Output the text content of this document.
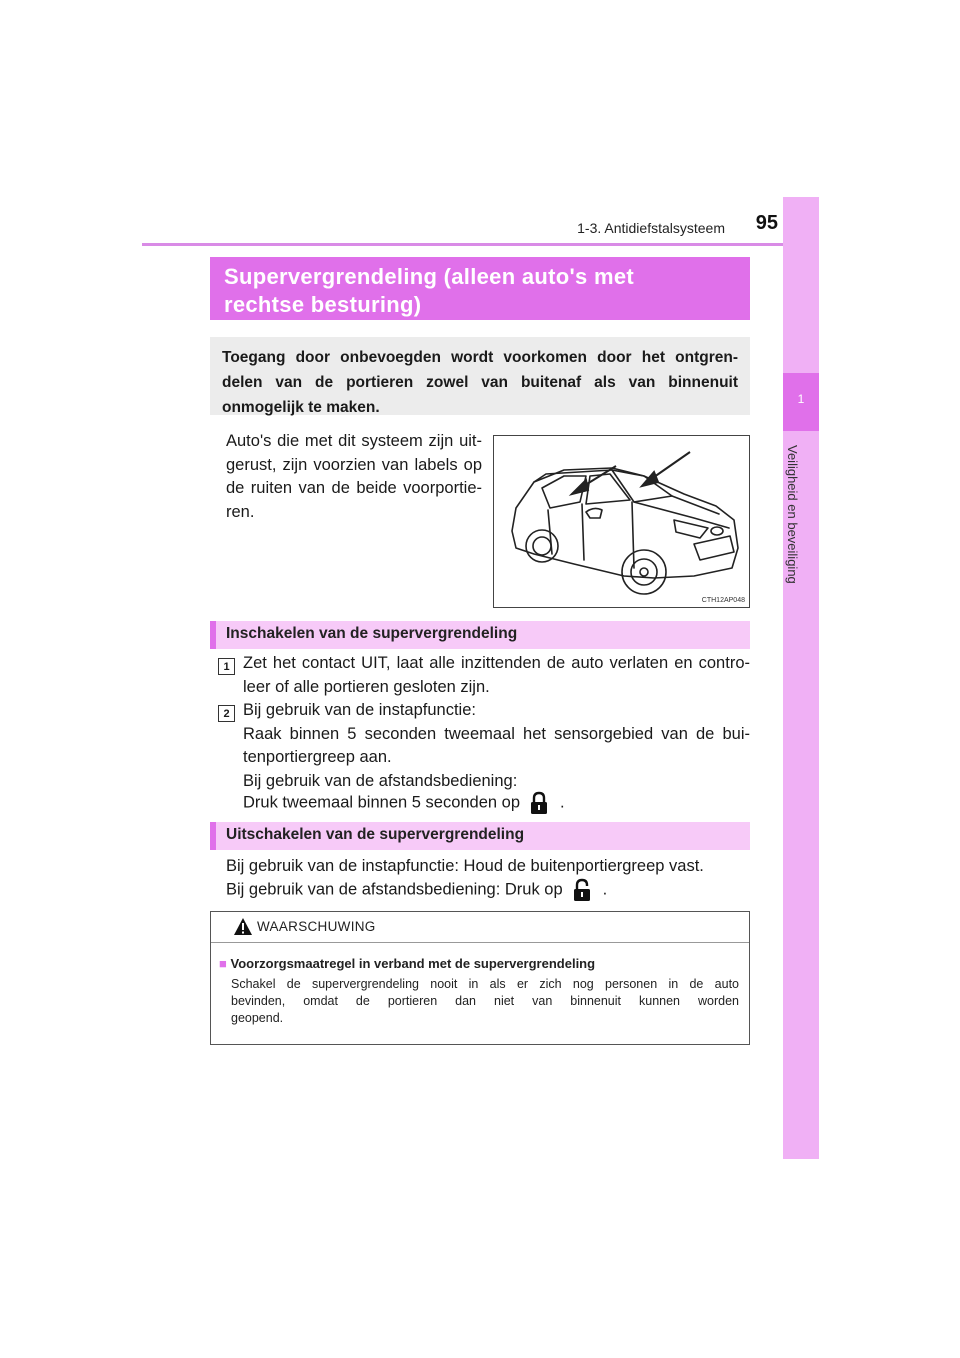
1-3. Antidiefstalsysteem	95
1
Veiligheid en beveiliging
Supervergrendeling (alleen auto's met
rechtse besturing)
Toegang door onbevoegden wordt voorkomen door het ontgren-
delen van de portieren zowel van buitenaf als van binnenuit
onmogelijk te maken.
Auto's die met dit systeem zijn uit-
gerust, zijn voorzien van labels op
de ruiten van de beide voorportie-
ren.
CTH12AP048
Inschakelen van de supervergrendeling
1 Zet het contact UIT, laat alle inzittenden de auto verlaten en contro-
leer of alle portieren gesloten zijn.
2 Bij gebruik van de instapfunctie:
Raak binnen 5 seconden tweemaal het sensorgebied van de bui-
tenportiergreep aan.
Bij gebruik van de afstandsbediening:
Druk tweemaal binnen 5 seconden op .
Uitschakelen van de supervergrendeling
Bij gebruik van de instapfunctie: Houd de buitenportiergreep vast.
Bij gebruik van de afstandsbediening: Druk op .
WAARSCHUWING
■ Voorzorgsmaatregel in verband met de supervergrendeling
Schakel de supervergrendeling nooit in als er zich nog personen in de auto
bevinden, omdat de portieren dan niet van binnenuit kunnen worden
geopend.
